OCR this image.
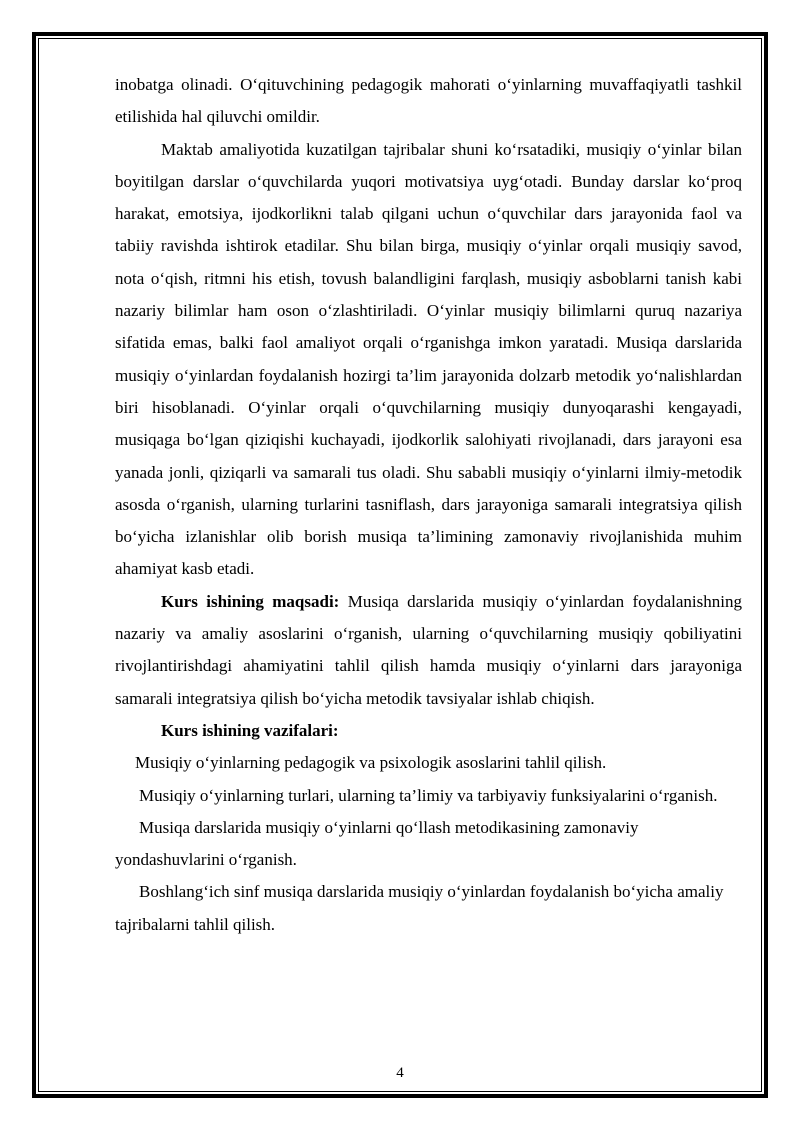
inobatga olinadi. O‘qituvchining pedagogik mahorati o‘yinlarning muvaffaqiyatli tashkil etilishida hal qiluvchi omildir.

Maktab amaliyotida kuzatilgan tajribalar shuni ko‘rsatadiki, musiqiy o‘yinlar bilan boyitilgan darslar o‘quvchilarda yuqori motivatsiya uyg‘otadi. Bunday darslar ko‘proq harakat, emotsiya, ijodkorlikni talab qilgani uchun o‘quvchilar dars jarayonida faol va tabiiy ravishda ishtirok etadilar. Shu bilan birga, musiqiy o‘yinlar orqali musiqiy savod, nota o‘qish, ritmni his etish, tovush balandligini farqlash, musiqiy asboblarni tanish kabi nazariy bilimlar ham oson o‘zlashtiriladi. O‘yinlar musiqiy bilimlarni quruq nazariya sifatida emas, balki faol amaliyot orqali o‘rganishga imkon yaratadi. Musiqa darslarida musiqiy o‘yinlardan foydalanish hozirgi ta’lim jarayonida dolzarb metodik yo‘nalishlardan biri hisoblanadi. O‘yinlar orqali o‘quvchilarning musiqiy dunyoqarashi kengayadi, musiqaga bo‘lgan qiziqishi kuchayadi, ijodkorlik salohiyati rivojlanadi, dars jarayoni esa yanada jonli, qiziqarli va samarali tus oladi. Shu sababli musiqiy o‘yinlarni ilmiy-metodik asosda o‘rganish, ularning turlarini tasniflash, dars jarayoniga samarali integratsiya qilish bo‘yicha izlanishlar olib borish musiqa ta’limining zamonaviy rivojlanishida muhim ahamiyat kasb etadi.

Kurs ishining maqsadi: Musiqa darslarida musiqiy o‘yinlardan foydalanishning nazariy va amaliy asoslarini o‘rganish, ularning o‘quvchilarning musiqiy qobiliyatini rivojlantirishdagi ahamiyatini tahlil qilish hamda musiqiy o‘yinlarni dars jarayoniga samarali integratsiya qilish bo‘yicha metodik tavsiyalar ishlab chiqish.

Kurs ishining vazifalari:

Musiqiy o‘yinlarning pedagogik va psixologik asoslarini tahlil qilish.

Musiqiy o‘yinlarning turlari, ularning ta’limiy va tarbiyaviy funksiyalarini o‘rganish.

Musiqa darslarida musiqiy o‘yinlarni qo‘llash metodikasining zamonaviy yondashuvlarini o‘rganish.

Boshlang‘ich sinf musiqa darslarida musiqiy o‘yinlardan foydalanish bo‘yicha amaliy tajribalarni tahlil qilish.

4
